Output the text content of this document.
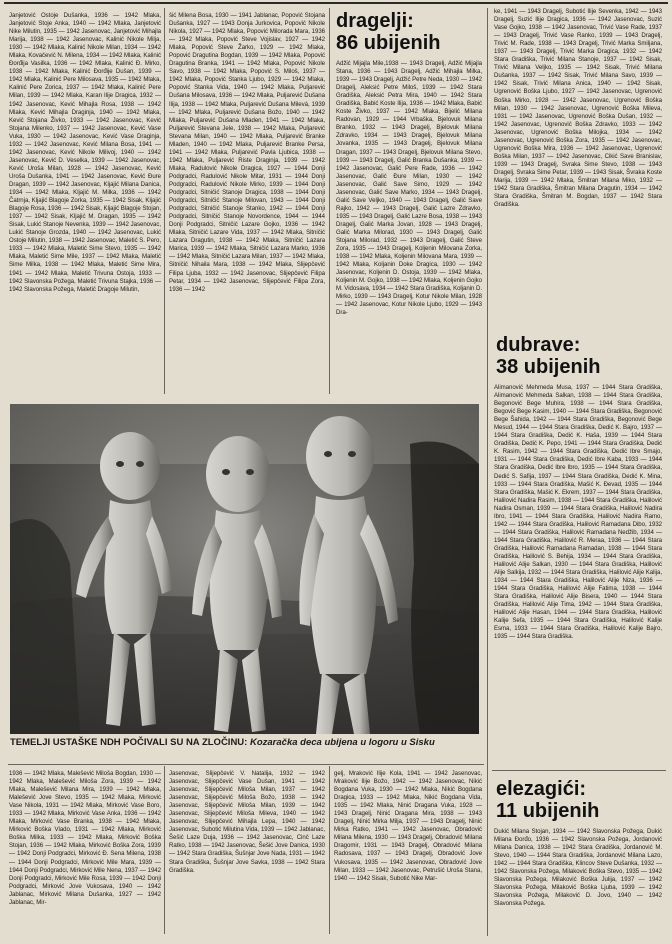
Janjetović Ostoje Dušanka, 1936 — 1942 Mlaka, Janjetović Stoje Anka, 1940 — 1942 Mlaka, Janjetović Nike Milutin, 1935 — 1942 Jasenovac, Janjetović Mihajla Marija, 1938 — 1942 Jasenovac, Kalinić Nikole Milja, 1930 — 1942 Mlaka, Kalinić Nikole Milan, 1934 — 1942 Mlaka, Kovačević N. Milena, 1934 — 1942 Mlaka, Kalinić Đorđija Vasilka, 1936 — 1942 Mlaka, Kalinić Đ. Mirko, 1938 — 1942 Mlaka, Kalinić Đorđije Dušan, 1939 — 1942 Mlaka, Kalinić Pere Milosava, 1935 — 1942 Mlaka, Kalinić Pere Zorica, 1937 — 1942 Mlaka, Kalinić Pere Milan, 1939 — 1942 Mlaka, Karan Ilije Dragica, 1932 — 1942 Jasenovac, Kević Mihajla Rosa, 1938 — 1942 Mlaka, Kević Mihajla Draginja, 1940 — 1942 Mlaka, Kević Stojana Živko, 1933 — 1942 Jasenovac, Kević Stojana Milenko, 1937 — 1942 Jasenovac, Kević Vase Vuka, 1930 — 1942 Jasenovac, Kević Vase Draginja, 1932 — 1942 Jasenovac, Kević Milana Bosa, 1941 — 1942 Jasenovac, Kević Nikole Milivoj, 1940 — 1942 Jasenovac, Kević D. Veselka, 1939 — 1942 Jasenovac, Kević Uroša Milan, 1928 — 1942 Jasenovac, Kević Uroša Dušanka, 1941 — 1942 Jasenovac, Kević Đure Dragan, 1939 — 1942 Jasenovac, Kljajić Milana Danica, 1934 — 1942 Mlaka, Kljajić M. Milka, 1936 — 1942 Čatrnja, Kljajić Blagoje Zorka, 1935 — 1942 Sisak, Kljajić Blagoje Rosa, 1936 — 1942 Sisak, Kljajić Blagoje Stojan, 1937 — 1942 Sisak, Kljajić M. Dragan, 1935 — 1942 Sisak, Lukić Stanoje Nevenka, 1939 — 1942 Jasenovac, Lukić Stanoje Grozda, 1940 — 1942 Jasenovac, Lukić Ostoje Milutin, 1938 — 1942 Jasenovac, Maletić S. Pero, 1933 — 1942 Mlaka, Maletić Sime Stevo, 1935 — 1942 Mlaka, Maletić Sime Mile, 1937 — 1942 Mlaka, Maletić Sime Milka, 1938 — 1942 Mlaka, Maletić Sime Mira, 1941 — 1942 Mlaka, Maletić Trivuna Ostoja, 1933 — 1942 Slavonska Požega, Maletić Trivuna Stajka, 1936 — 1942 Slavonska Požega, Maletić Dragoje Milutin,

šić Milena Bosa, 1930 — 1941 Jablanac, Popović Stojana Dušanka, 1927 — 1943 Donja Jurkovica, Popović Nikole Nikola, 1927 — 1942 Mlaka, Popović Milorada Mara, 1936 — 1942 Mlaka, Popović Steve Vojislav, 1927 — 1942 Mlaka, Popović Steve Žarko, 1929 — 1942 Mlaka, Popović Dragutina Bogdan, 1939 — 1942 Mlaka, Popović Dragutina Branka, 1941 — 1942 Mlaka, Popović Nikole Savo, 1938 — 1942 Mlaka, Popović S. Miloš, 1937 — 1942 Mlaka, Popović Stanka Ljubo, 1929 — 1942 Mlaka, Popović Stanka Vida, 1940 — 1942 Mlaka, Puljarević Dušana Milosava, 1936 — 1942 Mlaka, Puljarević Dušana Ilija, 1938 — 1942 Mlaka, Puljarević Dušana Milevá, 1939 — 1942 Mlaka, Puljarević Dušana Božo, 1940 — 1942 Mlaka, Puljarević Dušana Mladen, 1941 — 1942 Mlaka, Puljarević Stevana Jele, 1938 — 1942 Mlaka, Puljarević Stevana Milan, 1940 — 1942 Mlaka, Puljarević Branke Mladen, 1940 — 1942 Mlaka, Puljarević Branke Persa, 1941 — 1942 Mlaka, Puljarević Pavla Ljubica, 1938 — 1942 Mlaka, Puljarević Riste Draginja, 1939 — 1942 Mlaka, Radulović Nikole Dragica, 1927 — 1944 Donji Podgradci, Radulović Nikole Mitar, 1931 — 1944 Donji Podgradci, Radulović Nikole Mirko, 1939 — 1944 Donji Podgradci, Sitničić Stanoje Dragica, 1938 — 1944 Donji Podgradci, Sitničić Stanoje Milovan, 1943 — 1944 Donji Podgradci, Sitničić Stanoje Stanko, 1942 — 1944 Donji Podgradci, Sitničić Stanoje Novordence, 1944 — 1944 Donji Podgradci, Sitničić Lazare Gojko, 1936 — 1942 Mlaka, Sitničić Lazare Vida, 1937 — 1942 Mlaka, Sitničić Lazara Dragutin, 1938 — 1942 Mlaka, Sitničić Lazara Marica, 1939 — 1942 Mlaka, Sitničić Lazara Marko, 1936 — 1942 Mlaka, Sitničić Lazara Milan, 1937 — 1942 Mlaka, Sitničić Nihaila Mara, 1938 — 1942 Mlaka, Slijepčević Filipa Ljuba, 1932 — 1942 Jasenovac, Slijepčević Filipa Petar, 1934 — 1942 Jasenovac, Slijepčević Filipa Zora, 1936 — 1942

dragelji:
86 ubijenih

Adžić Mijajla Mile,1938 — 1943 Dragelj, Adžić Mijajla Stana, 1936 — 1943 Dragelj, Adžić Mihajla Milka, 1939 — 1943 Dragelj, Adžić Petre Neda, 1930 — 1942 Dragelj, Aleksić Petre Miloš, 1939 — 1942 Stara Gradiška, Aleksić Petra Mira, 1940 — 1942 Stara Gradiška, Babić Koste Ilija, 1936 — 1942 Mlaka, Babić Koste Živko, 1937 — 1942 Mlaka, Bijelić Milana Radovan, 1929 — 1944 Vrbaška, Bjelovuk Milana Branko, 1932 — 1943 Dragelj, Bjelovuk Milana Zdravko, 1934 — 1943 Dragelj, Bjelovuk Milana Jovanka, 1935 — 1943 Dragelj, Bjelovuk Milana Dragan, 1937 — 1943 Dragelj, Bjelovuk Milana Stevo, 1939 — 1943 Dragelj, Galić Branka Dušanka, 1939 — 1942 Jasenovac, Galić Pere Rade, 1936 — 1942 Jasenovac, Galić Đure Milan, 1930 — 1942 Jasenovac, Galić Save Simo, 1929 — 1942 Jasenovac, Galić Save Marko, 1934 — 1943 Dragelj, Galić Save Veljko, 1940 — 1943 Dragelj, Galić Save Rajko, 1942 — 1943 Dragelj, Galić Lazre Zdravko, 1935 — 1943 Dragelj, Galić Lazre Bosa, 1938 — 1943 Dragelj, Galić Marka Jovan, 1928 — 1943 Dragelj, Galić Marka Milorad, 1930 — 1943 Dragelj, Galić Stojana Milorad, 1932 — 1943 Dragelj, Galić Steve Zora, 1935 — 1943 Dragelj, Koljenin Milovana Zorka, 1938 — 1942 Mlaka, Koljenin Milovana Mara, 1939 — 1942 Mlaka, Koljanin Doke Dragica, 1930 — 1942 Jasenovac, Koljenin D. Ostoja, 1939 — 1942 Mlaka, Koljenin M. Gojko, 1938 — 1942 Mlaka, Koljenin Gojko M. Vidosava, 1934 — 1942 Stara Gradiška, Koljanin D. Mirko, 1939 — 1943 Dragelj, Kotur Nikole Milan, 1928 — 1942 Jasenovac, Kotur Nikole Ljubo, 1929 — 1943 Dra-

ke, 1941 — 1943 Dragelj, Subotić Ilije Sevenka, 1942 — 1943 Dragelj, Suzić Ilije Dragica, 1936 — 1942 Jasenovac, Suzić Vase Gojko, 1938 — 1942 Jasenovac, Trivić Vase Rade, 1937 — 1943 Dragelj, Trivić Vase Ranko, 1939 — 1943 Dragelj, Trivić M. Rade, 1938 — 1943 Dragelj, Trivić Marka Smiljana, 1937 — 1943 Dragelj, Trivić Marka Dragica, 1932 — 1942 Stara Gradiška, Trivić Milana Stanoje, 1937 — 1942 Sisak, Trivić Milana Veljko, 1935 — 1942 Sisak, Trivić Milana Dušanka, 1937 — 1942 Sisak, Trivić Milana Savo, 1939 — 1942 Sisak, Trivić Milana Anica, 1940 — 1942 Sisak, Ugrenović Boška Ljubo, 1927 — 1942 Jasenovac, Ugrenović Boška Mirko, 1928 — 1942 Jasenovac, Ugrenović Boška Milan, 1930 — 1942 Jasenovac, Ugrenović Boška Mileva, 1931 — 1942 Jasenovac, Ugrenović Boška Dušan, 1932 — 1942 Jasenovac, Ugrenović Boška Zdravko, 1933 — 1942 Jasenovac, Ugrenović Boška Milojka, 1934 — 1942 Jasenovac, Ugrenović Boška Zora, 1935 — 1942 Jasenovac, Ugrenović Boška Mira, 1936 — 1942 Jasenovac, Ugrenović Boška Milan, 1937 — 1942 Jasenovac, Cikić Save Branislav, 1939 — 1943 Dragelj, Svraka Sime Stevo, 1938 — 1943 Dragelj, Svraka Sime Petar, 1939 — 1943 Sisak, Švraka Koste Marija, 1939 — 1942 Mlaka, Šmitran Milana Miko, 1932 — 1942 Stara Gradiška, Šmitran Milana Dragutin, 1934 — 1942 Stara Gradiška, Šmitran M. Bogdan, 1937 — 1942 Stara Gradiška.

dubrave:
38 ubijenih

Alimanović Mehmeda Musa, 1937 — 1944 Stara Gradiška, Alimanović Mehmeda Salkan, 1938 — 1944 Stara Gradiška, Begonović Bege Muhira, 1938 — 1944 Stara Gradiška, Begović Bege Kasim, 1940 — 1944 Stara Gradiška, Begonović Bege Šahida, 1942 — 1944 Stara Gradiška, Begonović Bege Mesud, 1944 — 1944 Stara Gradiška, Dedić K. Bajro, 1937 — 1944 Stara Gradiška, Dedić K. Haša, 1939 — 1944 Stara Gradiška, Dedić K. Pepo, 1941 — 1944 Stara Gradiška, Dedić K. Rasim, 1942 — 1944 Stara Gradiška, Dedić Ibre Smajo, 1931 — 1944 Stara Gradiška, Dedić Ibre Kaba, 1933 — 1944 Stara Gradiška, Dedić Ibre Ibro, 1935 — 1944 Stara Gradiška, Dedić S. Safija, 1937 — 1944 Stara Gradiška, Dedić K. Mina, 1933 — 1944 Stara Gradiška, Mašić K. Đevad, 1935 — 1944 Stara Gradiška, Mašić K. Ekrem, 1937 — 1944 Stara Gradiška, Halilović Nadira Rasim, 1938 — 1944 Stara Gradiška, Halilović Nadira Osman, 1939 — 1944 Stara Gradiška, Halilović Nadira Ibro, 1941 — 1944 Stara Gradiška, Halilović Nadira Ramo, 1942 — 1944 Stara Gradiška, Halilović Ramadana Dibo, 1932 — 1944 Stara Gradiška, Halilović Ramadana Nedžib, 1934 — 1944 Stara Gradiška, Halilović R. Meraa, 1936 — 1944 Stara Gradiška, Halilović Ramadana Ramadan, 1938 — 1944 Stara Gradiška, Halilović S. Behija, 1934 — 1944 Stara Gradiška, Halilović Alije Salkan, 1930 — 1944 Stara Gradiška, Halilović Alije Salkija, 1932 — 1944 Stara Gradiška, Halilović Alije Kalija, 1934 — 1944 Stara Gradiška, Halilović Alije Niza, 1936 — 1944 Stara Gradiška, Halilović Alije Fatima, 1938 — 1944 Stara Gradiška, Halilović Alije Bisera, 1940 — 1944 Stara Gradiška, Halilović Alije Tima, 1942 — 1944 Stara Gradiška, Halilović Alije Hasan, 1944 — 1944 Stara Gradiška, Halilović Kalije Sefa, 1935 — 1944 Stara Gradiška, Halilović Kalije Esma, 1933 — 1944 Stara Gradiška, Halilović Kalije Bajro, 1935 — 1944 Stara Gradiška.

elezagići:
11 ubijenih

Dukić Milana Stojan, 1934 — 1942 Slavonska Požega, Dukić Milana Đorđo, 1936 — 1942 Slavonska Požega, Jordanović Milana Danica, 1938 — 1942 Stara Gradiška, Jordanović M. Stevo, 1940 — 1944 Stara Gradiška, Jordanović Milana Lazo, 1942 — 1944 Stara Gradiška, Klincov Steve Dušanka, 1932 — 1942 Slavonska Požega, Milaković Boška Stevo, 1935 — 1942 Slavonska Požega, Milaković Boška Julija, 1937 — 1942 Slavonska Požega, Milaković Boška Ljuba, 1939 — 1942 Slavonska Požega, Milaković D. Jovo, 1940 — 1942 Slavonska Požega.

TEMELJI USTAŠKE NDH POČIVALI SU NA ZLOČINU: Kozaračka deca ubijena u logoru u Sisku

1936 — 1942 Mlaka, Malešević Miloša Bogdan, 1930 — 1942 Mlaka, Malešević Miloša Zora, 1939 — 1942 Mlaka, Malešević Milana Mira, 1939 — 1942 Mlaka, Malešević Jove Stevo, 1935 — 1942 Mlaka, Mirković Vase Nikola, 1931 — 1942 Mlaka, Mirković Vase Boro, 1933 — 1942 Mlaka, Mirković Vase Anka, 1936 — 1942 Mlaka, Mirković Vase Branka, 1938 — 1942 Mlaka, Mirković Boška Vlado, 1931 — 1942 Mlaka, Mirković Boška Milka, 1933 — 1942 Mlaka, Mirković Boška Stojan, 1936 — 1942 Mlaka, Mirković Boška Zora, 1939 — 1942 Donji Podgradci, Mirković Đ. Sena Milena, 1938 — 1944 Donji Podgradci, Mirković Mile Mara, 1939 — 1944 Donji Podgradci, Mirković Mile Nena, 1937 — 1942 Donji Podgradci, Mirković Mile Rosa, 1939 — 1942 Donji Podgradci, Mirković Jove Vukosava, 1940 — 1942 Jablanac, Mirković Milana Dušanka, 1927 — 1942 Jablanac, Mir-

Jasenovac, Slijepčević V. Natalija, 1932 — 1942 Jasenovac, Slijepčević Vase Dušan, 1941 — 1942 Jasenovac, Slijepčević Miloša Milan, 1937 — 1942 Jasenovac, Slijepčević Miloša Božo, 1938 — 1942 Jasenovac, Slijepčević Miloša Milan, 1939 — 1942 Jasenovac, Slijepčević Miloša Mileva, 1940 — 1942 Jasenovac, Slijepčević Mihajla Lepa, 1940 — 1942 Jasenovac, Subotić Milutina Vida, 1939 — 1942 Jablanac, Šešić Laze Duja, 1936 — 1942 Jasenovac, Cinč Laze Ratko, 1938 — 1942 Jasenovac, Šešić Jove Danica, 1930 — 1942 Stara Gradiška, Šušnjar Jove Nada, 1931 — 1942 Stara Gradiška, Šušnjar Jove Savka, 1938 — 1942 Stara Gradiška.

gelj, Mraković Ilije Kola, 1941 — 1942 Jasenovac, Mraković Ilije Božo, 1942 — 1942 Jasenovac, Nikić Bogdana Vuka, 1930 — 1942 Mlaka, Nikić Bogdana Dragica, 1933 — 1942 Mlaka, Nikić Bogdana Vida, 1935 — 1942 Mlaka, Ninić Dragana Vuka, 1928 — 1943 Dragelj, Ninić Dragana Mira, 1938 — 1943 Dragelj, Ninić Mirka Milja, 1937 — 1943 Dragelj, Ninić Mirka Ratko, 1941 — 1942 Jasenovac, Obradović Milana Milena, 1930 — 1943 Dragelj, Obradović Milana Dragomir, 1931 — 1943 Dragelj, Obradović Milana Radosava, 1937 — 1943 Dragelj, Obradović Jove Vukosava, 1935 — 1942 Jasenovac, Obradović Jove Milan, 1933 — 1942 Jasenovac, Petrušić Uroša Stana, 1940 — 1942 Sisak, Subotić Nike Mar-
